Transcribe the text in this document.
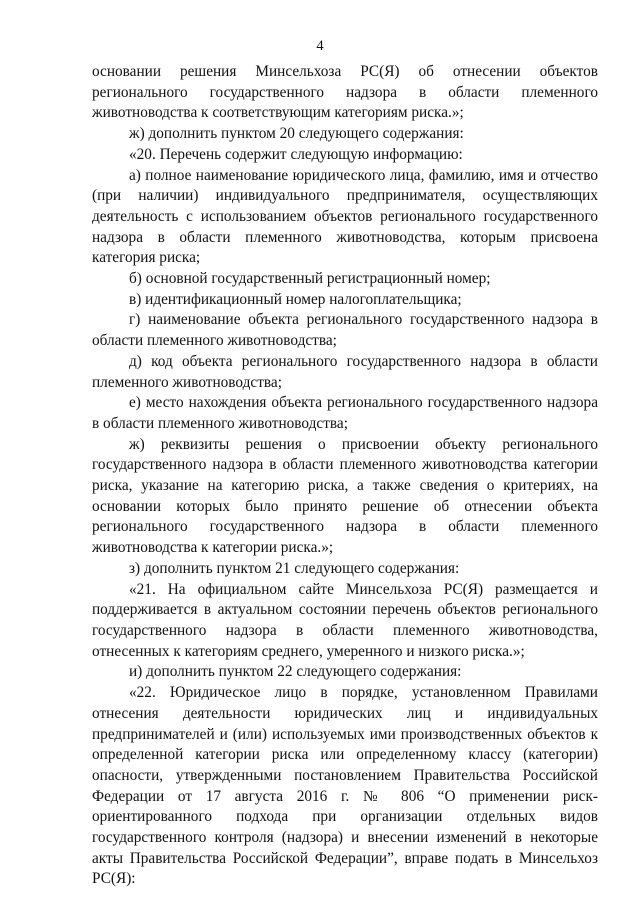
4

основании решения Минсельхоза РС(Я) об отнесении объектов регионального государственного надзора в области племенного животноводства к соответствующим категориям риска.»;

ж) дополнить пунктом 20 следующего содержания:

«20. Перечень содержит следующую информацию:

а) полное наименование юридического лица, фамилию, имя и отчество (при наличии) индивидуального предпринимателя, осуществляющих деятельность с использованием объектов регионального государственного надзора в области племенного животноводства, которым присвоена категория риска;

б) основной государственный регистрационный номер;

в) идентификационный номер налогоплательщика;

г) наименование объекта регионального государственного надзора в области племенного животноводства;

д) код объекта регионального государственного надзора в области племенного животноводства;

е) место нахождения объекта регионального государственного надзора в области племенного животноводства;

ж) реквизиты решения о присвоении объекту регионального государственного надзора в области племенного животноводства категории риска, указание на категорию риска, а также сведения о критериях, на основании которых было принято решение об отнесении объекта регионального государственного надзора в области племенного животноводства к категории риска.»;

з) дополнить пунктом 21 следующего содержания:

«21. На официальном сайте Минсельхоза РС(Я) размещается и поддерживается в актуальном состоянии перечень объектов регионального государственного надзора в области племенного животноводства, отнесенных к категориям среднего, умеренного и низкого риска.»;

и) дополнить пунктом 22 следующего содержания:

«22. Юридическое лицо в порядке, установленном Правилами отнесения деятельности юридических лиц и индивидуальных предпринимателей и (или) используемых ими производственных объектов к определенной категории риска или определенному классу (категории) опасности, утвержденными постановлением Правительства Российской Федерации от 17 августа 2016 г. № 806 “О применении риск-ориентированного подхода при организации отдельных видов государственного контроля (надзора) и внесении изменений в некоторые акты Правительства Российской Федерации”, вправе подать в Минсельхоз РС(Я):
